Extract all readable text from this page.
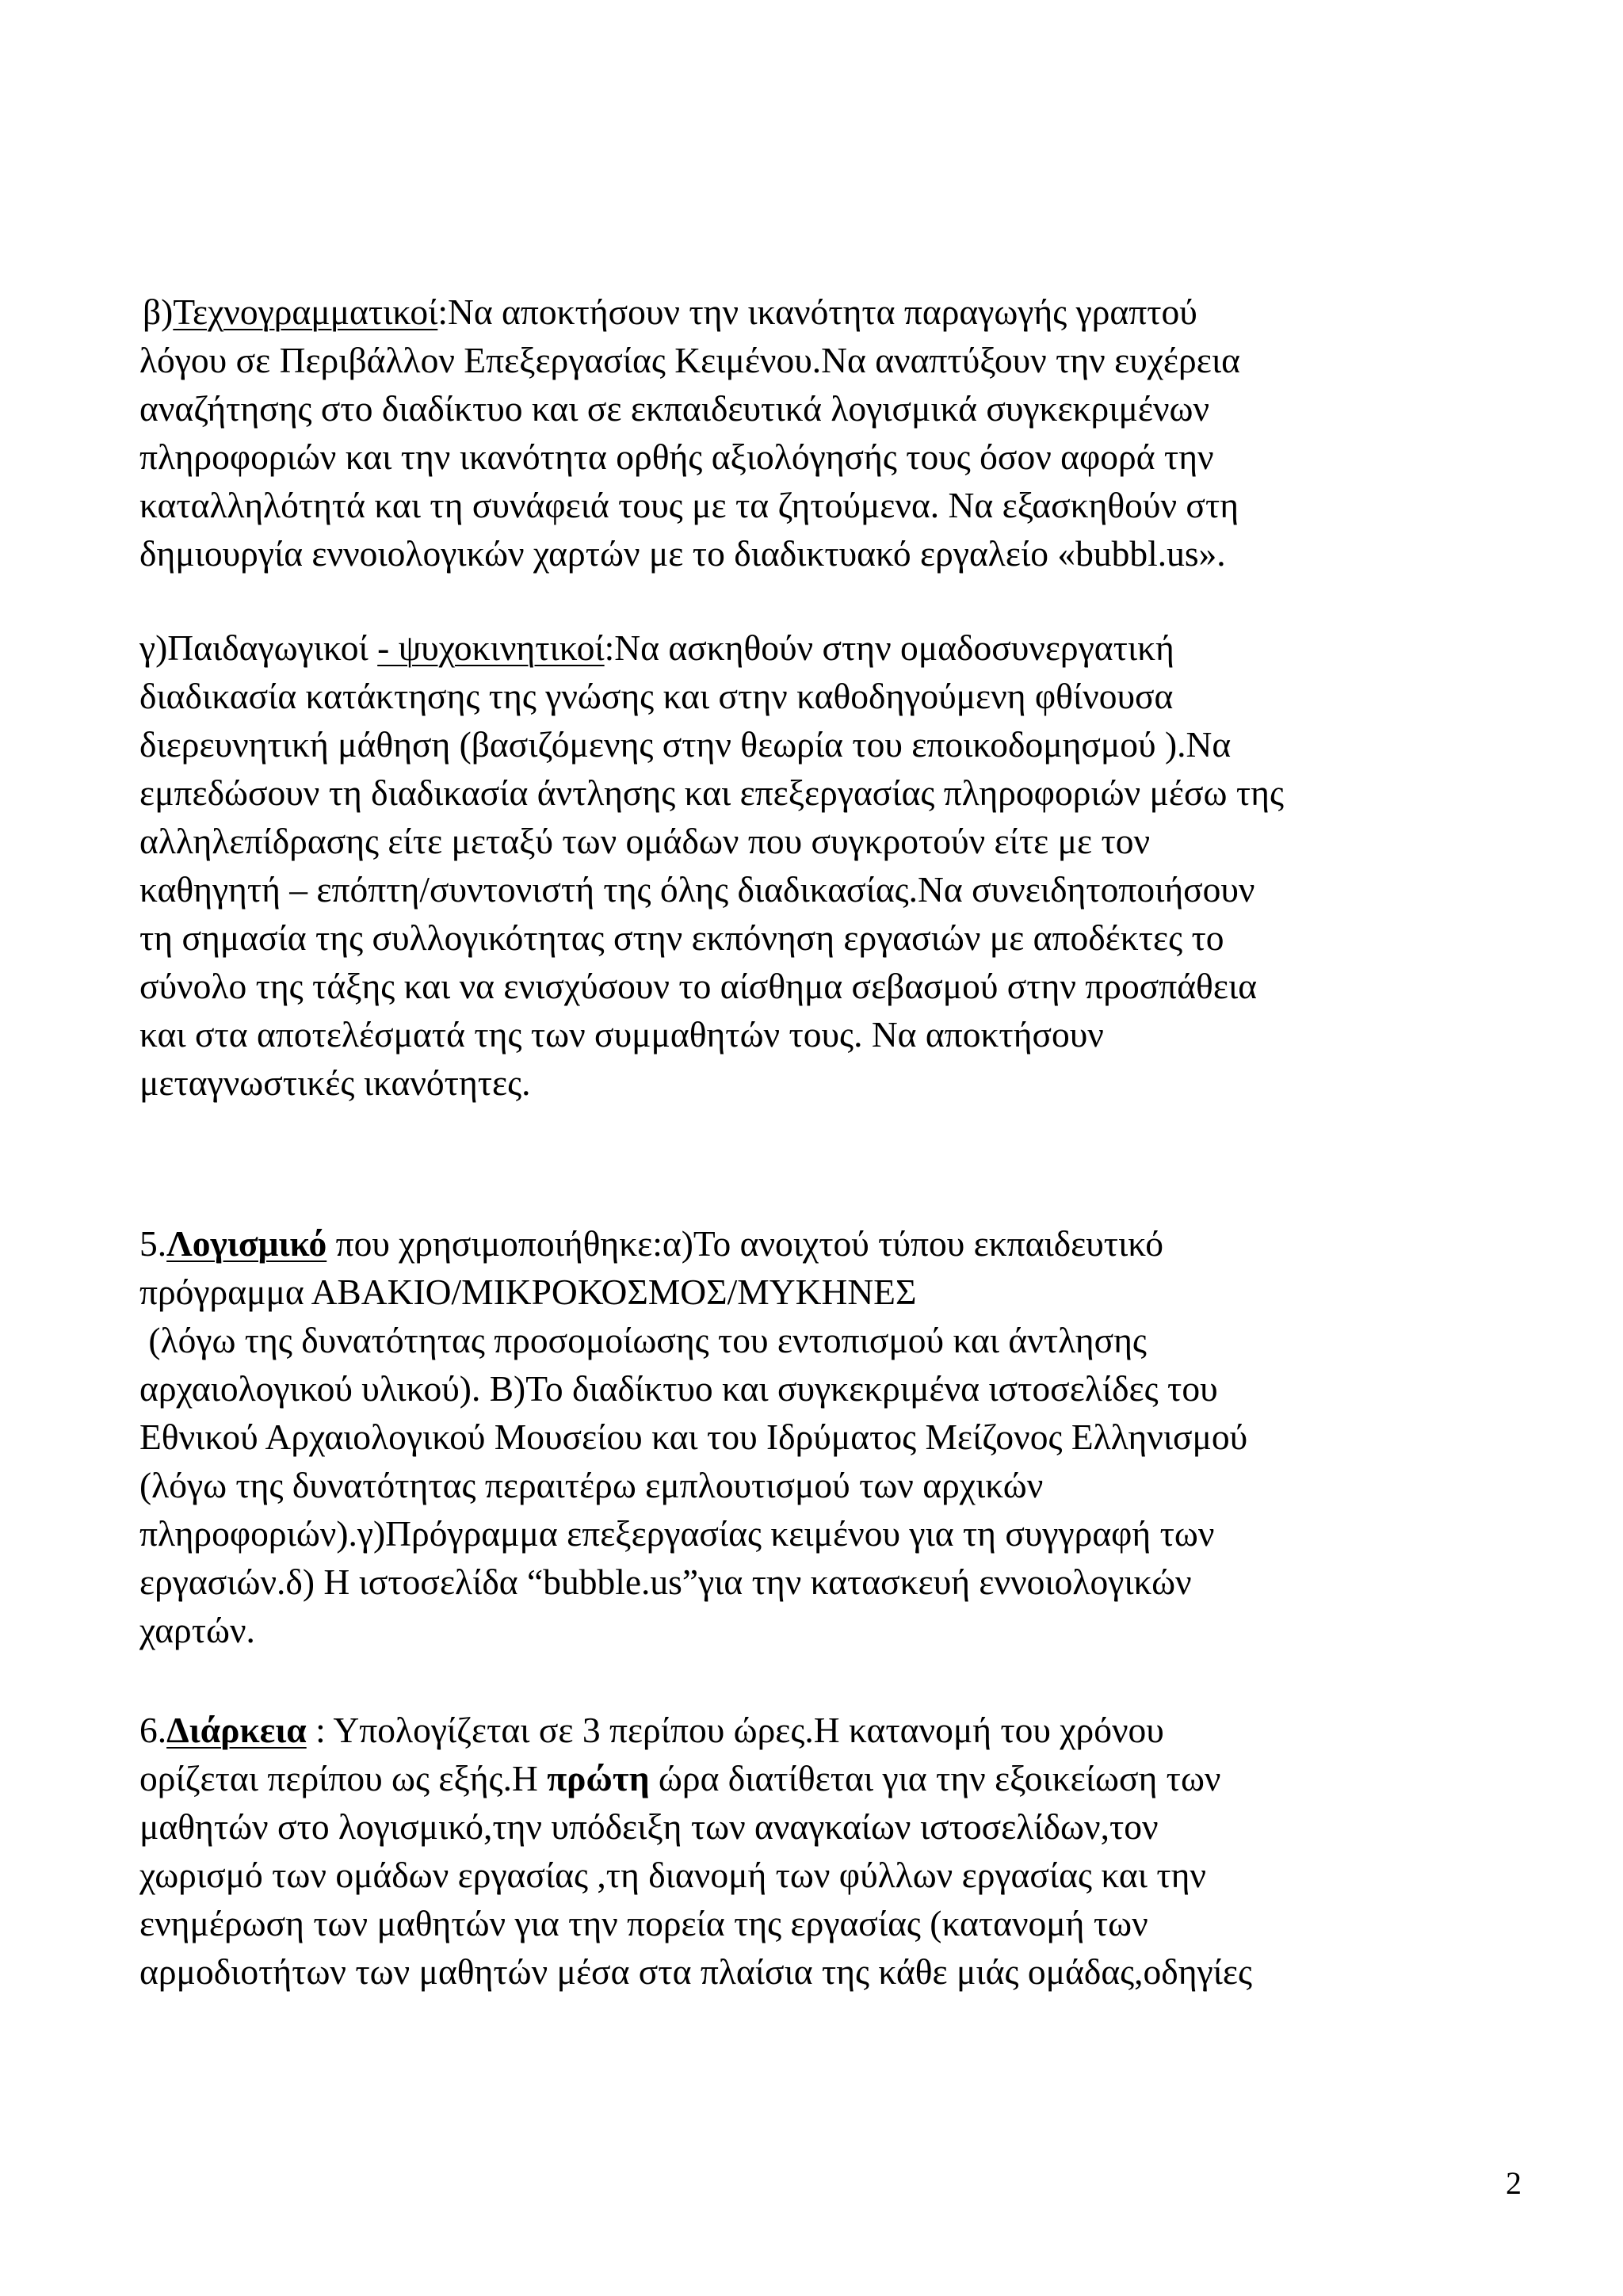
β)Τεχνογραμματικοί:Να αποκτήσουν την ικανότητα παραγωγής γραπτού
λόγου σε Περιβάλλον Επεξεργασίας Κειμένου.Να αναπτύξουν την ευχέρεια
αναζήτησης στο διαδίκτυο και σε εκπαιδευτικά λογισμικά συγκεκριμένων
πληροφοριών και την ικανότητα ορθής αξιολόγησής τους όσον αφορά την
καταλληλότητά και τη συνάφειά τους με τα ζητούμενα. Να εξασκηθούν στη
δημιουργία εννοιολογικών χαρτών με το διαδικτυακό εργαλείο «bubbl.us».
γ)Παιδαγωγικοί - ψυχοκινητικοί:Να ασκηθούν στην ομαδοσυνεργατική
διαδικασία κατάκτησης της γνώσης και στην καθοδηγούμενη φθίνουσα
διερευνητική μάθηση (βασιζόμενης στην θεωρία του εποικοδομησμού ).Να
εμπεδώσουν τη διαδικασία άντλησης και επεξεργασίας πληροφοριών μέσω της
αλληλεπίδρασης είτε μεταξύ των ομάδων που συγκροτούν είτε με τον
καθηγητή – επόπτη/συντονιστή της όλης διαδικασίας.Να συνειδητοποιήσουν
τη σημασία της συλλογικότητας στην εκπόνηση εργασιών με αποδέκτες το
σύνολο της τάξης και να ενισχύσουν το αίσθημα σεβασμού στην προσπάθεια
και στα αποτελέσματά της των συμμαθητών τους. Να αποκτήσουν
μεταγνωστικές ικανότητες.
5.Λογισμικό που χρησιμοποιήθηκε:α)Το ανοιχτού τύπου εκπαιδευτικό
πρόγραμμα ΑΒΑΚΙΟ/ΜΙΚΡΟΚΟΣΜΟΣ/ΜΥΚΗΝΕΣ
(λόγω της δυνατότητας προσομοίωσης του εντοπισμού και άντλησης
αρχαιολογικού υλικού). Β)Το διαδίκτυο και συγκεκριμένα ιστοσελίδες του
Εθνικού Αρχαιολογικού Μουσείου και του Ιδρύματος Μείζονος Ελληνισμού
(λόγω της δυνατότητας περαιτέρω εμπλουτισμού των αρχικών
πληροφοριών).γ)Πρόγραμμα επεξεργασίας κειμένου για τη συγγραφή των
εργασιών.δ) Η ιστοσελίδα “bubble.us”για την κατασκευή εννοιολογικών
χαρτών.
6.Διάρκεια : Υπολογίζεται σε 3 περίπου ώρες.Η κατανομή του χρόνου
ορίζεται περίπου ως εξής.Η πρώτη ώρα διατίθεται για την εξοικείωση των
μαθητών στο λογισμικό,την υπόδειξη των αναγκαίων ιστοσελίδων,τον
χωρισμό των ομάδων εργασίας ,τη διανομή των φύλλων εργασίας και την
ενημέρωση των μαθητών για την πορεία της εργασίας (κατανομή των
αρμοδιοτήτων των μαθητών μέσα στα πλαίσια της κάθε μιάς ομάδας,οδηγίες
2
